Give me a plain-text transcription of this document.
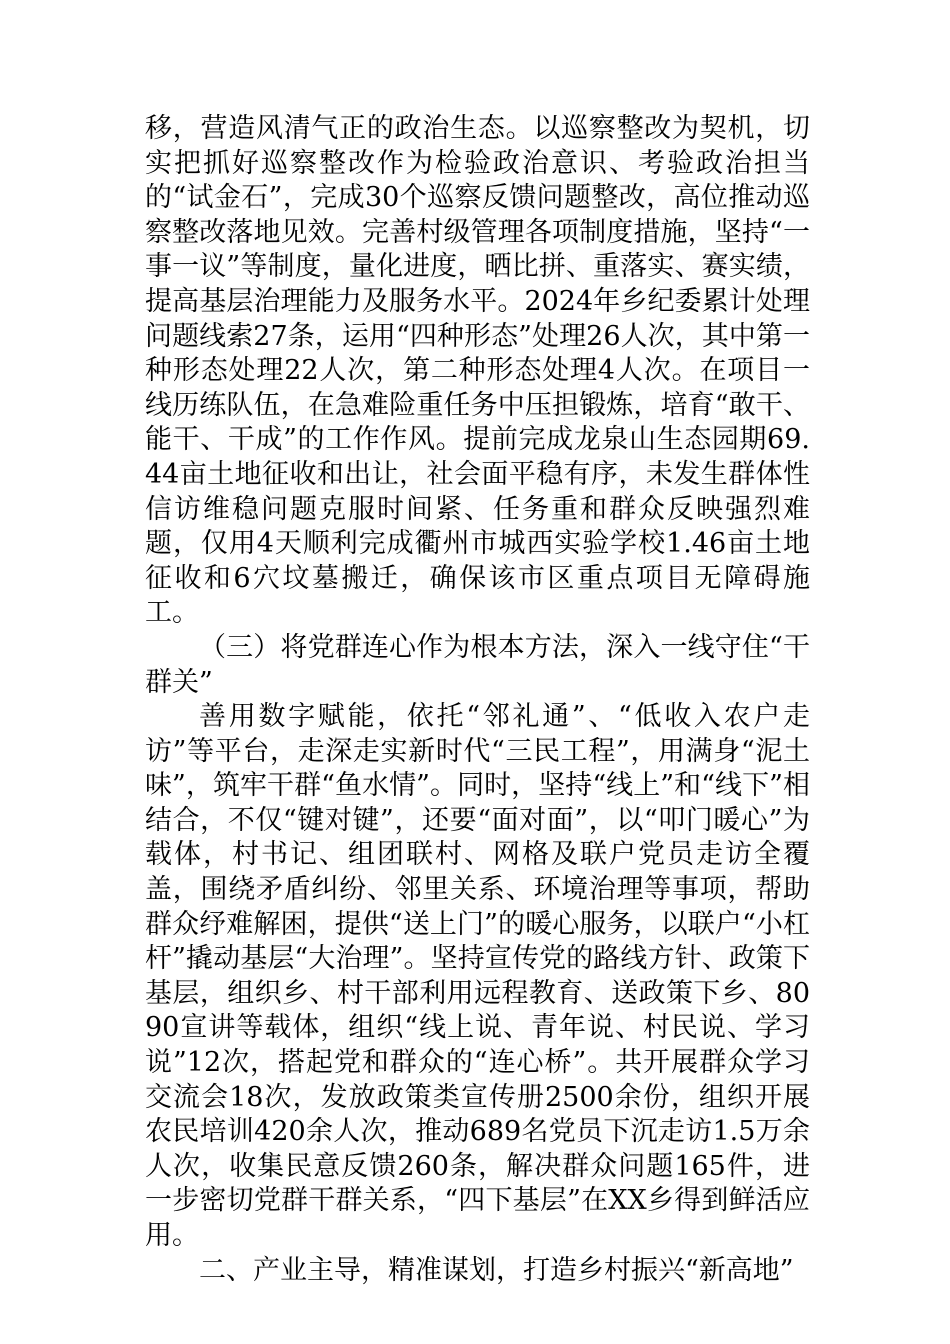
移，营造风清气正的政治生态。以巡察整改为契机，切实把抓好巡察整改作为检验政治意识、考验政治担当的“试金石”，完成30个巡察反馈问题整改，高位推动巡察整改落地见效。完善村级管理各项制度措施，坚持“一事一议”等制度，量化进度，晒比拼、重落实、赛实绩，提高基层治理能力及服务水平。2024年乡纪委累计处理问题线索27条，运用“四种形态”处理26人次，其中第一种形态处理22人次，第二种形态处理4人次。在项目一线历练队伍，在急难险重任务中压担锻炼，培育“敢干、能干、干成”的工作作风。提前完成龙泉山生态园期69.44亩土地征收和出让，社会面平稳有序，未发生群体性信访维稳问题克服时间紧、任务重和群众反映强烈难题，仅用4天顺利完成衢州市城西实验学校1.46亩土地征收和6穴坟墓搬迁，确保该市区重点项目无障碍施工。

（三）将党群连心作为根本方法，深入一线守住“干群关”

善用数字赋能，依托“邻礼通”、“低收入农户走访”等平台，走深走实新时代“三民工程”，用满身“泥土味”，筑牢干群“鱼水情”。同时，坚持“线上”和“线下”相结合，不仅“键对键”，还要“面对面”，以“叩门暖心”为载体，村书记、组团联村、网格及联户党员走访全覆盖，围绕矛盾纠纷、邻里关系、环境治理等事项，帮助群众纾难解困，提供“送上门”的暖心服务，以联户“小杠杆”撬动基层“大治理”。坚持宣传党的路线方针、政策下基层，组织乡、村干部利用远程教育、送政策下乡、8090宣讲等载体，组织“线上说、青年说、村民说、学习说”12次，搭起党和群众的“连心桥”。共开展群众学习交流会18次，发放政策类宣传册2500余份，组织开展农民培训420余人次，推动689名党员下沉走访1.5万余人次，收集民意反馈260条，解决群众问题165件，进一步密切党群干群关系，“四下基层”在XX乡得到鲜活应用。

二、产业主导，精准谋划，打造乡村振兴“新高地”
